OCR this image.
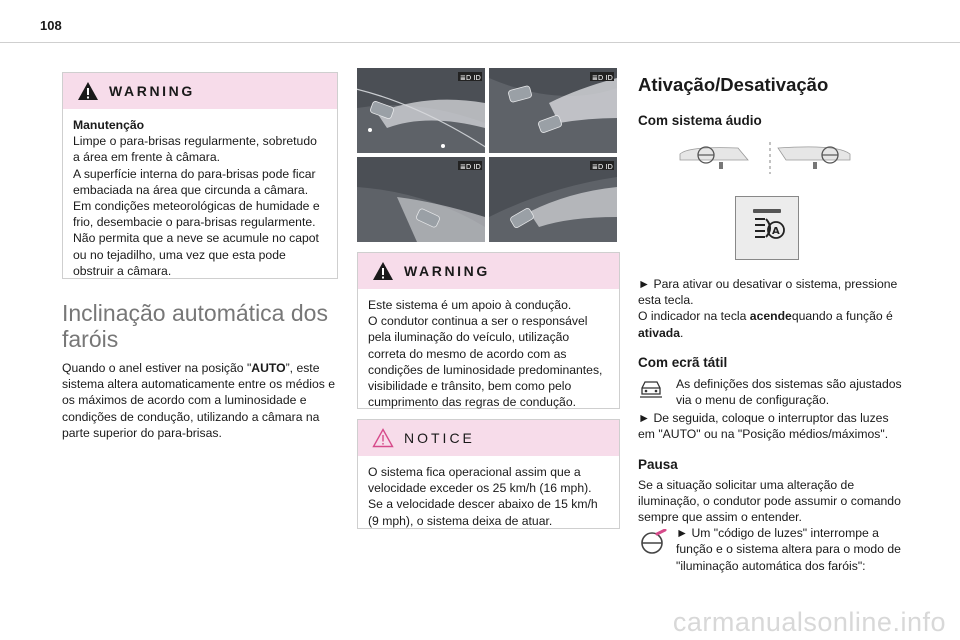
108
WARNING

Manutenção

Limpe o para-brisas regularmente, sobretudo a área em frente à câmara.
A superfície interna do para-brisas pode ficar embaciada na área que circunda a câmara. Em condições meteorológicas de humidade e frio, desembacie o para-brisas regularmente.
Não permita que a neve se acumule no capot ou no tejadilho, uma vez que esta pode obstruir a câmara.

Inclinação automática dos faróis

Quando o anel estiver na posição "AUTO”, este sistema altera automaticamente entre os médios e os máximos de acordo com a luminosidade e condições de condução, utilizando a câmara na parte superior do para-brisas.

≣D ID	≣D ID
≣D ID	≣D ID
WARNING

Este sistema é um apoio à condução.
O condutor continua a ser o responsável pela iluminação do veículo, utilização correta do mesmo de acordo com as condições de luminosidade predominantes, visibilidade e trânsito, bem como pelo cumprimento das regras de condução.

NOTICE

O sistema fica operacional assim que a velocidade exceder os 25 km/h (16 mph).
Se a velocidade descer abaixo de 15 km/h (9 mph), o sistema deixa de atuar.

Ativação/Desativação
Com sistema áudio
A

► Para ativar ou desativar o sistema, pressione esta tecla.

O indicador na tecla acendequando a função é ativada.

Com ecrã tátil

As definições dos sistemas são ajustados via o menu de configuração.

► De seguida, coloque o interruptor das luzes em "AUTO" ou na "Posição médios/máximos".

Pausa

Se a situação solicitar uma alteração de iluminação, o condutor pode assumir o comando sempre que assim o entender.

► Um "código de luzes" interrompe a função e o sistema altera para o modo de "iluminação automática dos faróis":

carmanualsonline.info
